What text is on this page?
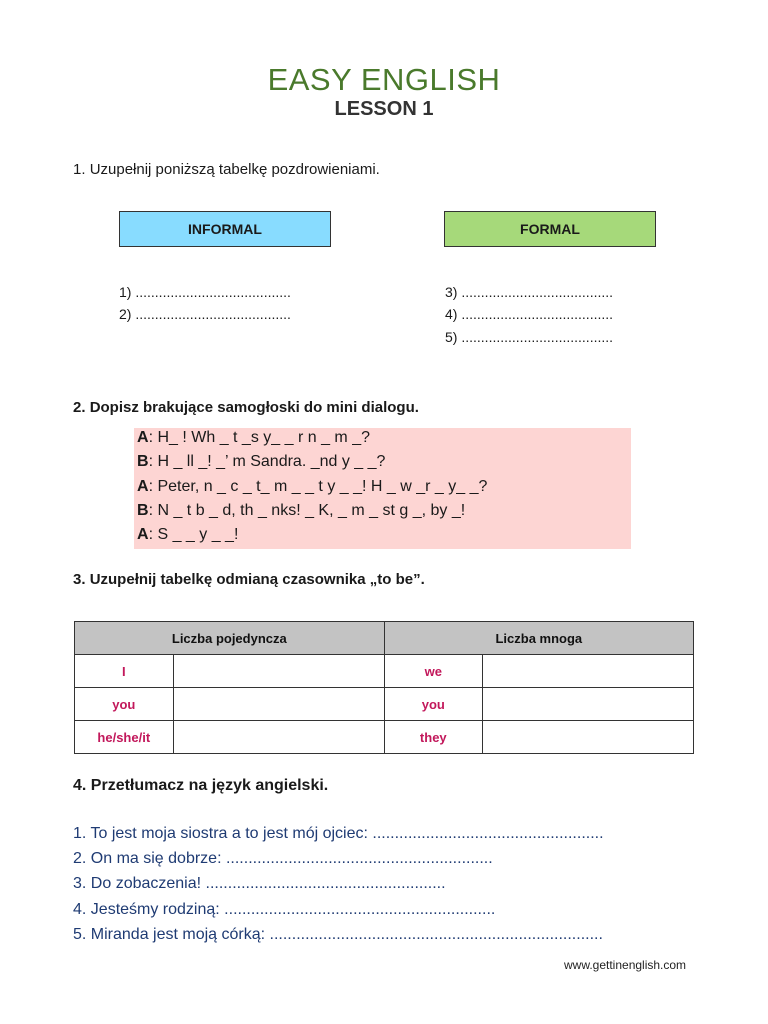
EASY ENGLISH
LESSON 1
1. Uzupełnij poniższą tabelkę pozdrowieniami.
INFORMAL	FORMAL
1) ........................................
2) ........................................
3) .......................................
4) .......................................
5) .......................................
2. Dopisz brakujące samogłoski do mini dialogu.
A: H_ ! Wh _ t _s y_ _ r n _ m _?
B: H _ ll _! _’ m Sandra. _nd y _ _?
A: Peter, n _ c _ t_ m _ _ t y _ _! H _ w _r _ y_ _?
B: N _ t b _ d, th _ nks! _ K, _ m _ st g _, by _!
A: S _ _ y _ _!
3. Uzupełnij tabelkę odmianą czasownika „to be”.
Liczba pojedyncza		Liczba mnoga	
I		we	
you		you	
he/she/it		they	
4. Przetłumacz na język angielski.
1. To jest moja siostra a to jest mój ojciec: ....................................................
2. On ma się dobrze: ............................................................
3. Do zobaczenia! ......................................................
4. Jesteśmy rodziną: .............................................................
5. Miranda jest moją córką: ...........................................................................
www.gettinenglish.com
